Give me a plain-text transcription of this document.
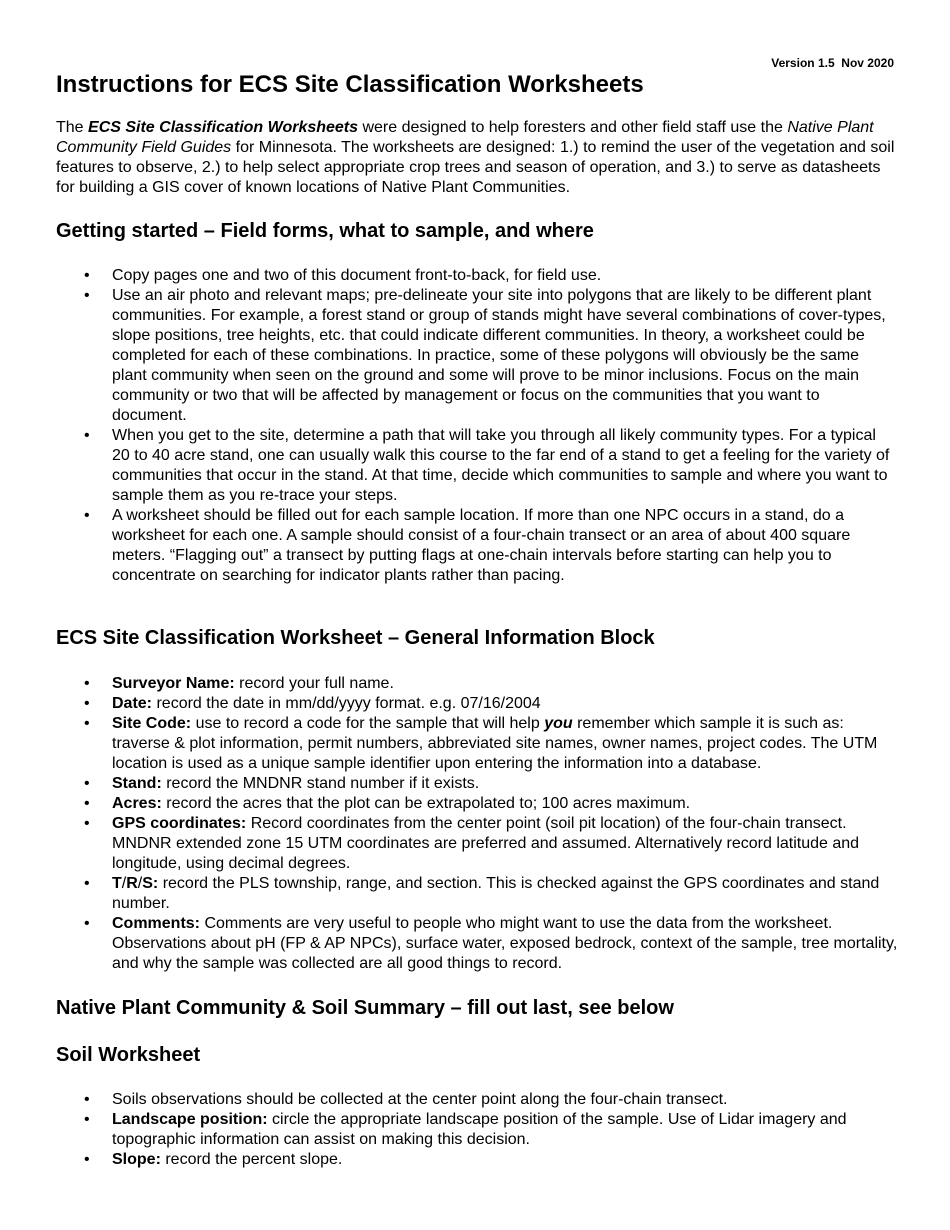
Version 1.5  Nov 2020
Instructions for ECS Site Classification Worksheets

The ECS Site Classification Worksheets were designed to help foresters and other field staff use the Native Plant Community Field Guides for Minnesota. The worksheets are designed: 1.) to remind the user of the vegetation and soil features to observe, 2.) to help select appropriate crop trees and season of operation, and 3.) to serve as datasheets for building a GIS cover of known locations of Native Plant Communities.

Getting started – Field forms, what to sample, and where
• Copy pages one and two of this document front-to-back, for field use.
• Use an air photo and relevant maps; pre-delineate your site into polygons that are likely to be different plant communities. For example, a forest stand or group of stands might have several combinations of cover-types, slope positions, tree heights, etc. that could indicate different communities. In theory, a worksheet could be completed for each of these combinations. In practice, some of these polygons will obviously be the same plant community when seen on the ground and some will prove to be minor inclusions. Focus on the main community or two that will be affected by management or focus on the communities that you want to document.
• When you get to the site, determine a path that will take you through all likely community types. For a typical 20 to 40 acre stand, one can usually walk this course to the far end of a stand to get a feeling for the variety of communities that occur in the stand. At that time, decide which communities to sample and where you want to sample them as you re-trace your steps.
• A worksheet should be filled out for each sample location. If more than one NPC occurs in a stand, do a worksheet for each one. A sample should consist of a four-chain transect or an area of about 400 square meters. “Flagging out” a transect by putting flags at one-chain intervals before starting can help you to concentrate on searching for indicator plants rather than pacing.
ECS Site Classification Worksheet – General Information Block
• Surveyor Name: record your full name.
• Date: record the date in mm/dd/yyyy format. e.g. 07/16/2004
• Site Code: use to record a code for the sample that will help you remember which sample it is such as: traverse & plot information, permit numbers, abbreviated site names, owner names, project codes. The UTM location is used as a unique sample identifier upon entering the information into a database.
• Stand: record the MNDNR stand number if it exists.
• Acres: record the acres that the plot can be extrapolated to; 100 acres maximum.
• GPS coordinates: Record coordinates from the center point (soil pit location) of the four-chain transect. MNDNR extended zone 15 UTM coordinates are preferred and assumed. Alternatively record latitude and longitude, using decimal degrees.
• T/R/S: record the PLS township, range, and section. This is checked against the GPS coordinates and stand number.
• Comments: Comments are very useful to people who might want to use the data from the worksheet. Observations about pH (FP & AP NPCs), surface water, exposed bedrock, context of the sample, tree mortality, and why the sample was collected are all good things to record.
Native Plant Community & Soil Summary – fill out last, see below
Soil Worksheet
• Soils observations should be collected at the center point along the four-chain transect.
• Landscape position: circle the appropriate landscape position of the sample. Use of Lidar imagery and topographic information can assist on making this decision.
• Slope: record the percent slope.
